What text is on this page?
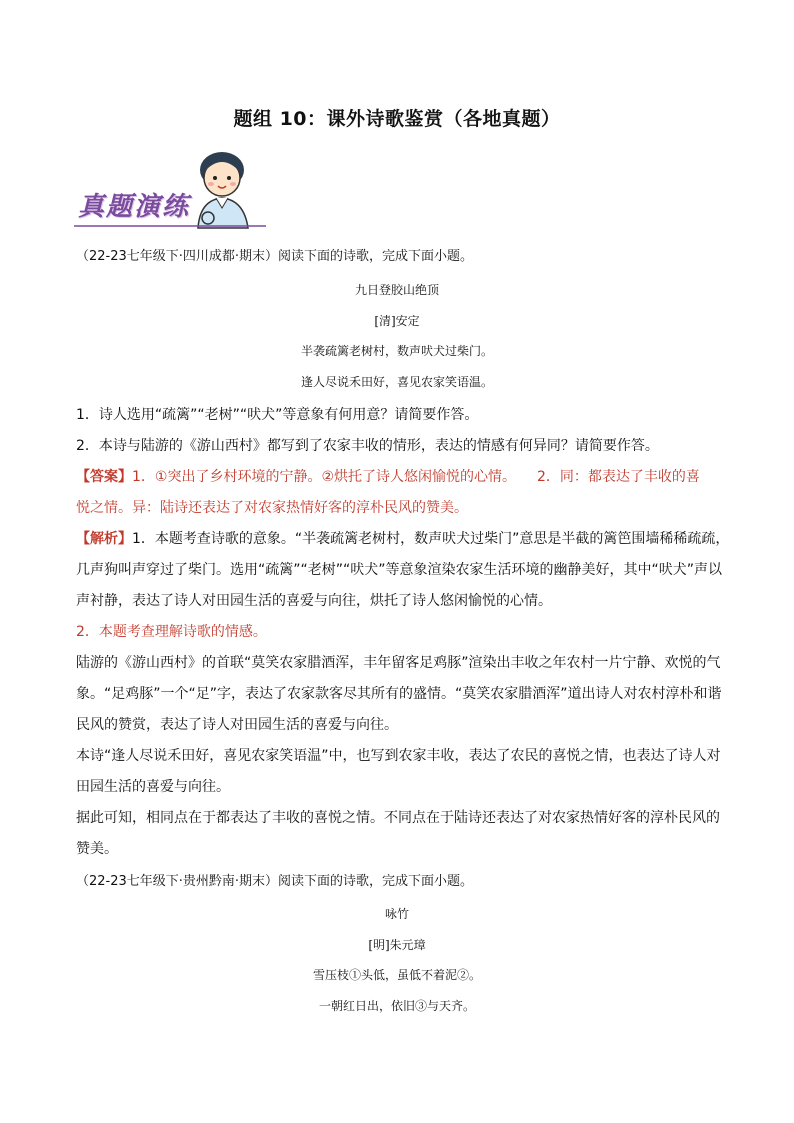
题组 10：课外诗歌鉴赏（各地真题）
真题演练
（22-23七年级下·四川成都·期末）阅读下面的诗歌，完成下面小题。
九日登胶山绝顶
[清]安定
半袭疏篱老树村，数声吠犬过柴门。
逢人尽说禾田好，喜见农家笑语温。
1．诗人选用“疏篱”“老树”“吠犬”等意象有何用意？请简要作答。
2．本诗与陆游的《游山西村》都写到了农家丰收的情形，表达的情感有何异同？请简要作答。
【答案】1．①突出了乡村环境的宁静。②烘托了诗人悠闲愉悦的心情。　　2．同：都表达了丰收的喜
悦之情。异：陆诗还表达了对农家热情好客的淳朴民风的赞美。
【解析】1．本题考查诗歌的意象。“半袭疏篱老树村，数声吠犬过柴门”意思是半截的篱笆围墙稀稀疏疏，
几声狗叫声穿过了柴门。选用“疏篱”“老树”“吠犬”等意象渲染农家生活环境的幽静美好，其中“吠犬”声以
声衬静，表达了诗人对田园生活的喜爱与向往，烘托了诗人悠闲愉悦的心情。
2．本题考查理解诗歌的情感。
陆游的《游山西村》的首联“莫笑农家腊酒浑，丰年留客足鸡豚”渲染出丰收之年农村一片宁静、欢悦的气
象。“足鸡豚”一个“足”字，表达了农家款客尽其所有的盛情。“莫笑农家腊酒浑”道出诗人对农村淳朴和谐
民风的赞赏，表达了诗人对田园生活的喜爱与向往。
本诗“逢人尽说禾田好，喜见农家笑语温”中，也写到农家丰收，表达了农民的喜悦之情，也表达了诗人对
田园生活的喜爱与向往。
据此可知，相同点在于都表达了丰收的喜悦之情。不同点在于陆诗还表达了对农家热情好客的淳朴民风的
赞美。
（22-23七年级下·贵州黔南·期末）阅读下面的诗歌，完成下面小题。
咏竹
[明]朱元璋
雪压枝①头低，虽低不着泥②。
一朝红日出，依旧③与天齐。
